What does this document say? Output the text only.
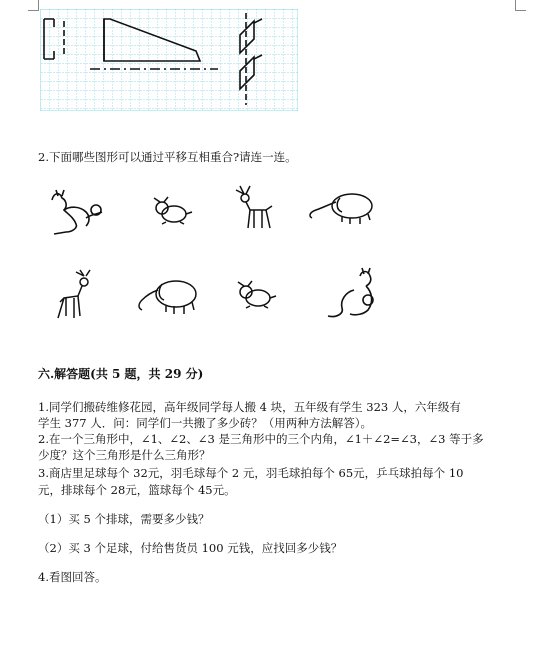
2.下面哪些图形可以通过平移互相重合?请连一连。
六.解答题(共 5 题，共 29 分)
1.同学们搬砖维修花园，高年级同学每人搬 4 块，五年级有学生 323 人，六年级有
学生 377 人．问：同学们一共搬了多少砖？（用两种方法解答）。
2.在一个三角形中，∠1、∠2、∠3 是三角形中的三个内角，∠1＋∠2=∠3，∠3 等于多
少度？这个三角形是什么三角形？
3.商店里足球每个 32元，羽毛球每个 2 元，羽毛球拍每个 65元，乒乓球拍每个 10
元，排球每个 28元，篮球每个 45元。
（1）买 5 个排球，需要多少钱？
（2）买 3 个足球，付给售货员 100 元钱，应找回多少钱？
4.看图回答。
